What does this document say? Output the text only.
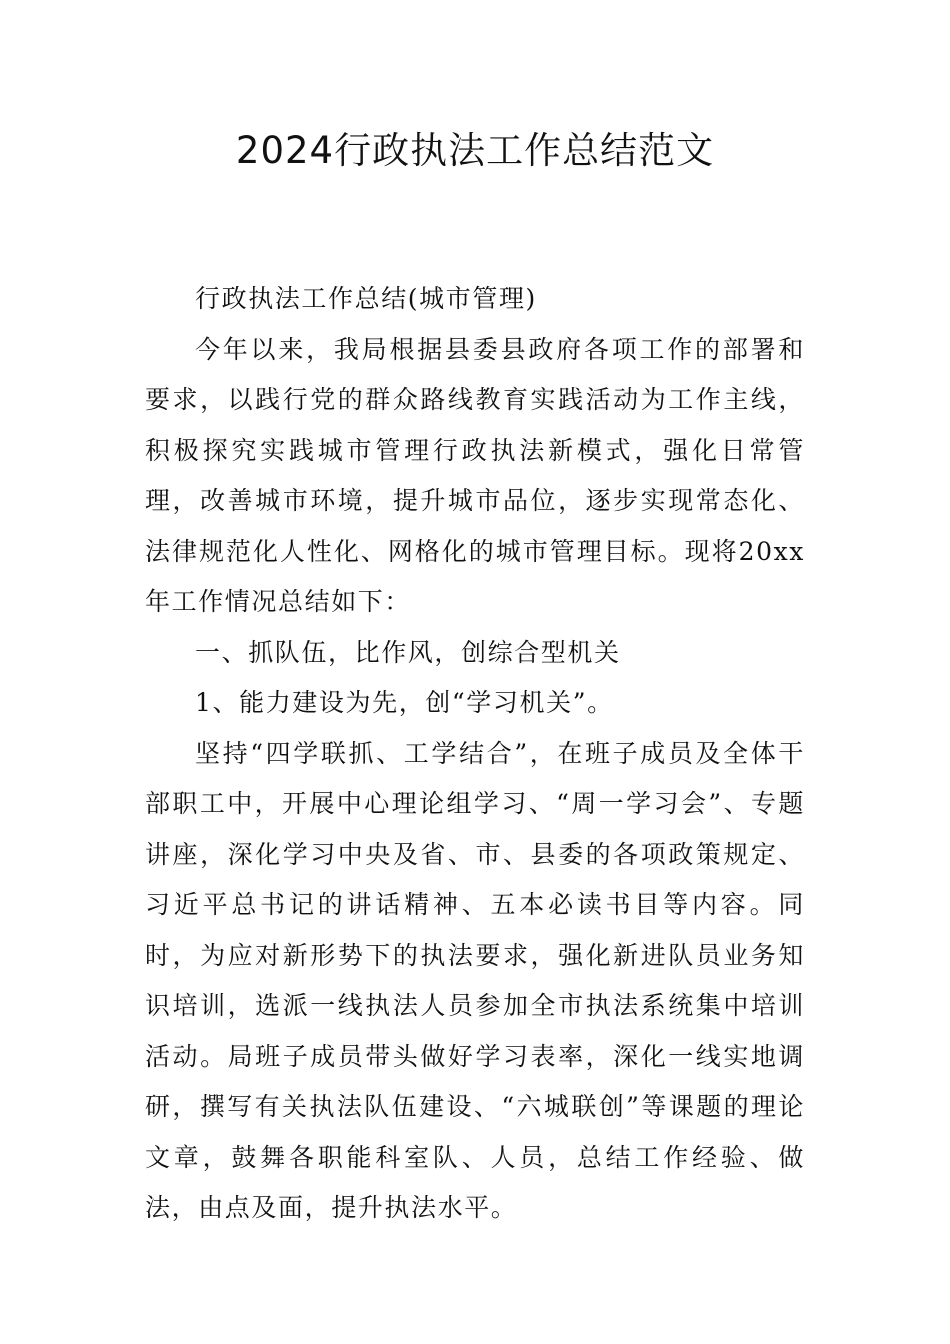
2024行政执法工作总结范文

行政执法工作总结(城市管理)

今年以来，我局根据县委县政府各项工作的部署和要求，以践行党的群众路线教育实践活动为工作主线，积极探究实践城市管理行政执法新模式，强化日常管理，改善城市环境，提升城市品位，逐步实现常态化、法律规范化人性化、网格化的城市管理目标。现将20xx年工作情况总结如下：

一、抓队伍，比作风，创综合型机关

1、能力建设为先，创“学习机关”。

坚持“四学联抓、工学结合”，在班子成员及全体干部职工中，开展中心理论组学习、“周一学习会”、专题讲座，深化学习中央及省、市、县委的各项政策规定、习近平总书记的讲话精神、五本必读书目等内容。同时，为应对新形势下的执法要求，强化新进队员业务知识培训，选派一线执法人员参加全市执法系统集中培训活动。局班子成员带头做好学习表率，深化一线实地调研，撰写有关执法队伍建设、“六城联创”等课题的理论文章，鼓舞各职能科室队、人员，总结工作经验、做法，由点及面，提升执法水平。
